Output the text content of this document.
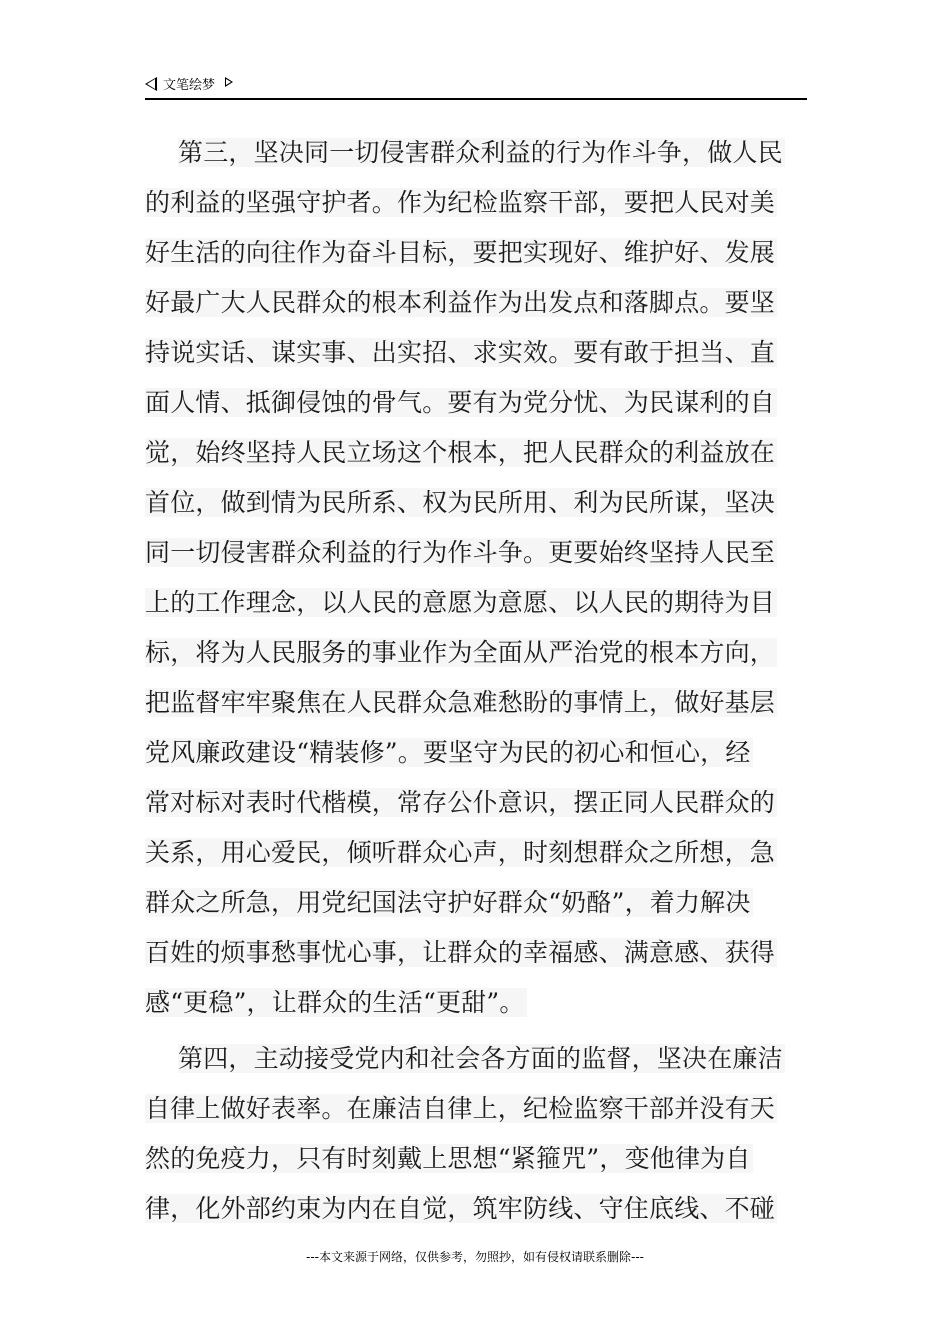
文笔绘梦
第三，坚决同一切侵害群众利益的行为作斗争，做人民
的利益的坚强守护者。作为纪检监察干部，要把人民对美
好生活的向往作为奋斗目标，要把实现好、维护好、发展
好最广大人民群众的根本利益作为出发点和落脚点。要坚
持说实话、谋实事、出实招、求实效。要有敢于担当、直
面人情、抵御侵蚀的骨气。要有为党分忧、为民谋利的自
觉，始终坚持人民立场这个根本，把人民群众的利益放在
首位，做到情为民所系、权为民所用、利为民所谋，坚决
同一切侵害群众利益的行为作斗争。更要始终坚持人民至
上的工作理念，以人民的意愿为意愿、以人民的期待为目
标，将为人民服务的事业作为全面从严治党的根本方向，
把监督牢牢聚焦在人民群众急难愁盼的事情上，做好基层
党风廉政建设“精装修”。要坚守为民的初心和恒心，经
常对标对表时代楷模，常存公仆意识，摆正同人民群众的
关系，用心爱民，倾听群众心声，时刻想群众之所想，急
群众之所急，用党纪国法守护好群众“奶酪”，着力解决
百姓的烦事愁事忧心事，让群众的幸福感、满意感、获得
感“更稳”，让群众的生活“更甜”。
第四，主动接受党内和社会各方面的监督，坚决在廉洁
自律上做好表率。在廉洁自律上，纪检监察干部并没有天
然的免疫力，只有时刻戴上思想“紧箍咒”，变他律为自
律，化外部约束为内在自觉，筑牢防线、守住底线、不碰
---本文来源于网络，仅供参考，勿照抄，如有侵权请联系删除---
